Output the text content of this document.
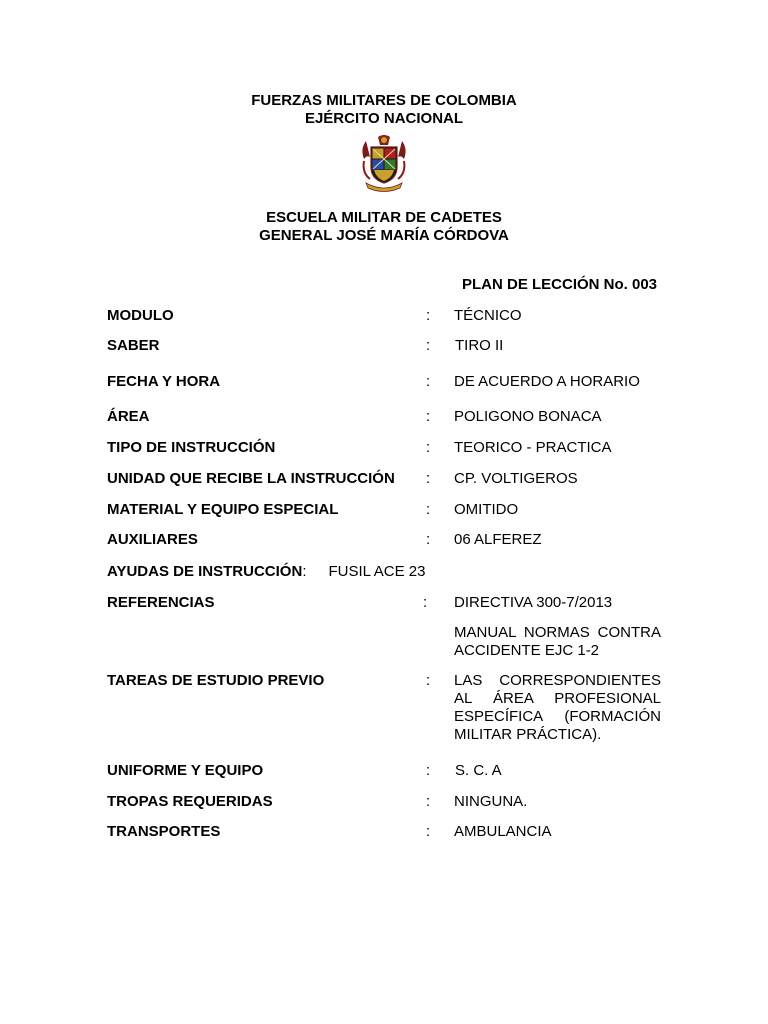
FUERZAS MILITARES DE COLOMBIA
EJÉRCITO NACIONAL
ESCUELA MILITAR DE CADETES
GENERAL JOSÉ MARÍA CÓRDOVA
PLAN DE LECCIÓN No. 003
MODULO	: TÉCNICO
SABER	: TIRO II
FECHA Y HORA	: DE ACUERDO A HORARIO
ÁREA	: POLIGONO BONACA
TIPO DE INSTRUCCIÓN	: TEORICO - PRACTICA
UNIDAD QUE RECIBE LA INSTRUCCIÓN : CP. VOLTIGEROS
MATERIAL Y EQUIPO ESPECIAL	: OMITIDO
AUXILIARES	: 06 ALFEREZ
AYUDAS DE INSTRUCCIÓN: FUSIL ACE 23
REFERENCIAS	: DIRECTIVA 300-7/2013
MANUAL NORMAS CONTRA ACCIDENTE EJC 1-2
TAREAS DE ESTUDIO PREVIO	: LAS CORRESPONDIENTES AL ÁREA PROFESIONAL ESPECÍFICA (FORMACIÓN MILITAR PRÁCTICA).
UNIFORME Y EQUIPO	: S. C. A
TROPAS REQUERIDAS	: NINGUNA.
TRANSPORTES	: AMBULANCIA
